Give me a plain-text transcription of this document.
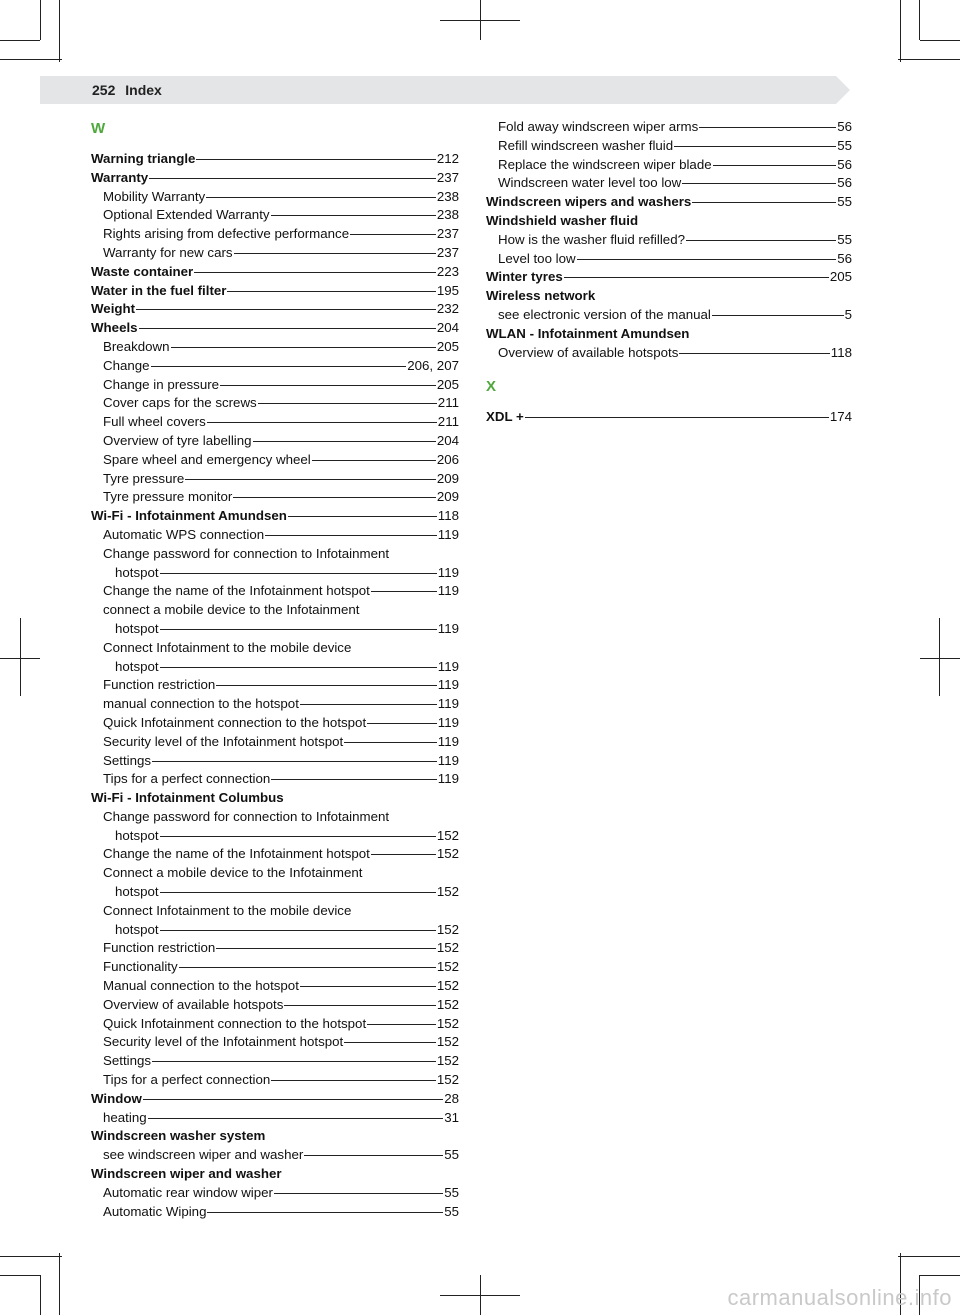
252 Index
W
Warning triangle	212
Warranty	237
Mobility Warranty	238
Optional Extended Warranty	238
Rights arising from defective performance	237
Warranty for new cars	237
Waste container	223
Water in the fuel filter	195
Weight	232
Wheels	204
Breakdown	205
Change	206, 207
Change in pressure	205
Cover caps for the screws	211
Full wheel covers	211
Overview of tyre labelling	204
Spare wheel and emergency wheel	206
Tyre pressure	209
Tyre pressure monitor	209
Wi-Fi - Infotainment Amundsen	118
Automatic WPS connection	119
Change password for connection to Infotainment
hotspot	119
Change the name of the Infotainment hotspot	119
connect a mobile device to the Infotainment
hotspot	119
Connect Infotainment to the mobile device
hotspot	119
Function restriction	119
manual connection to the hotspot	119
Quick Infotainment connection to the hotspot	119
Security level of the Infotainment hotspot	119
Settings	119
Tips for a perfect connection	119
Wi-Fi - Infotainment Columbus
Change password for connection to Infotainment
hotspot	152
Change the name of the Infotainment hotspot	152
Connect a mobile device to the Infotainment
hotspot	152
Connect Infotainment to the mobile device
hotspot	152
Function restriction	152
Functionality	152
Manual connection to the hotspot	152
Overview of available hotspots	152
Quick Infotainment connection to the hotspot	152
Security level of the Infotainment hotspot	152
Settings	152
Tips for a perfect connection	152
Window	28
heating	31
Windscreen washer system
see windscreen wiper and washer	55
Windscreen wiper and washer
Automatic rear window wiper	55
Automatic Wiping	55
Fold away windscreen wiper arms	56
Refill windscreen washer fluid	55
Replace the windscreen wiper blade	56
Windscreen water level too low	56
Windscreen wipers and washers	55
Windshield washer fluid
How is the washer fluid refilled?	55
Level too low	56
Winter tyres	205
Wireless network
see electronic version of the manual	5
WLAN - Infotainment Amundsen
Overview of available hotspots	118
X
XDL +	174
carmanualsonline.info
